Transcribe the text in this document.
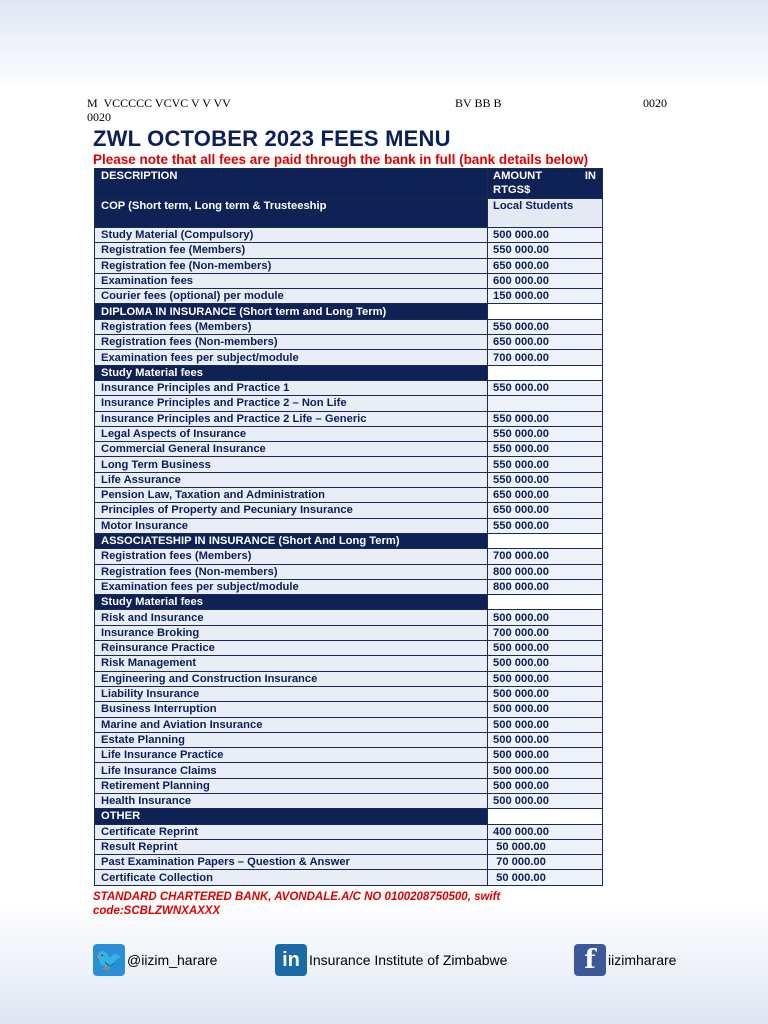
M  VCCCCC VCVC V V VV	BV BB B	0020
0020
ZWL OCTOBER 2023 FEES MENU

Please note that all fees are paid through the bank in full (bank details below)

DESCRIPTION	AMOUNT IN
RTGS$

COP (Short term, Long term & Trusteeship	Local Students
Study Material (Compulsory)	500 000.00
Registration fee (Members)	550 000.00
Registration fee (Non-members)	650 000.00
Examination fees	600 000.00
Courier fees (optional) per module	150 000.00
DIPLOMA IN INSURANCE (Short term and Long Term)	
Registration fees (Members)	550 000.00
Registration fees (Non-members)	650 000.00
Examination fees per subject/module	700 000.00
Study Material fees	
Insurance Principles and Practice 1	550 000.00
Insurance Principles and Practice 2 – Non Life	
Insurance Principles and Practice 2 Life – Generic	550 000.00
Legal Aspects of Insurance	550 000.00
Commercial General Insurance	550 000.00
Long Term Business	550 000.00
Life Assurance	550 000.00
Pension Law, Taxation and Administration	650 000.00
Principles of Property and Pecuniary Insurance	650 000.00
Motor Insurance	550 000.00
ASSOCIATESHIP IN INSURANCE (Short And Long Term)	
Registration fees (Members)	700 000.00
Registration fees (Non-members)	800 000.00
Examination fees per subject/module	800 000.00
Study Material fees	
Risk and Insurance	500 000.00
Insurance Broking	700 000.00
Reinsurance Practice	500 000.00
Risk Management	500 000.00
Engineering and Construction Insurance	500 000.00
Liability Insurance	500 000.00
Business Interruption	500 000.00
Marine and Aviation Insurance	500 000.00
Estate Planning	500 000.00
Life Insurance Practice	500 000.00
Life Insurance Claims	500 000.00
Retirement Planning	500 000.00
Health Insurance	500 000.00
OTHER	
Certificate Reprint	400 000.00
Result Reprint	50 000.00
Past Examination Papers – Question & Answer	70 000.00
Certificate Collection	50 000.00

STANDARD CHARTERED BANK, AVONDALE.A/C NO 0100208750500, swift code:SCBLZWNXAXXX

🐦 @iizim_harare	in Insurance Institute of Zimbabwe	f iizimharare
